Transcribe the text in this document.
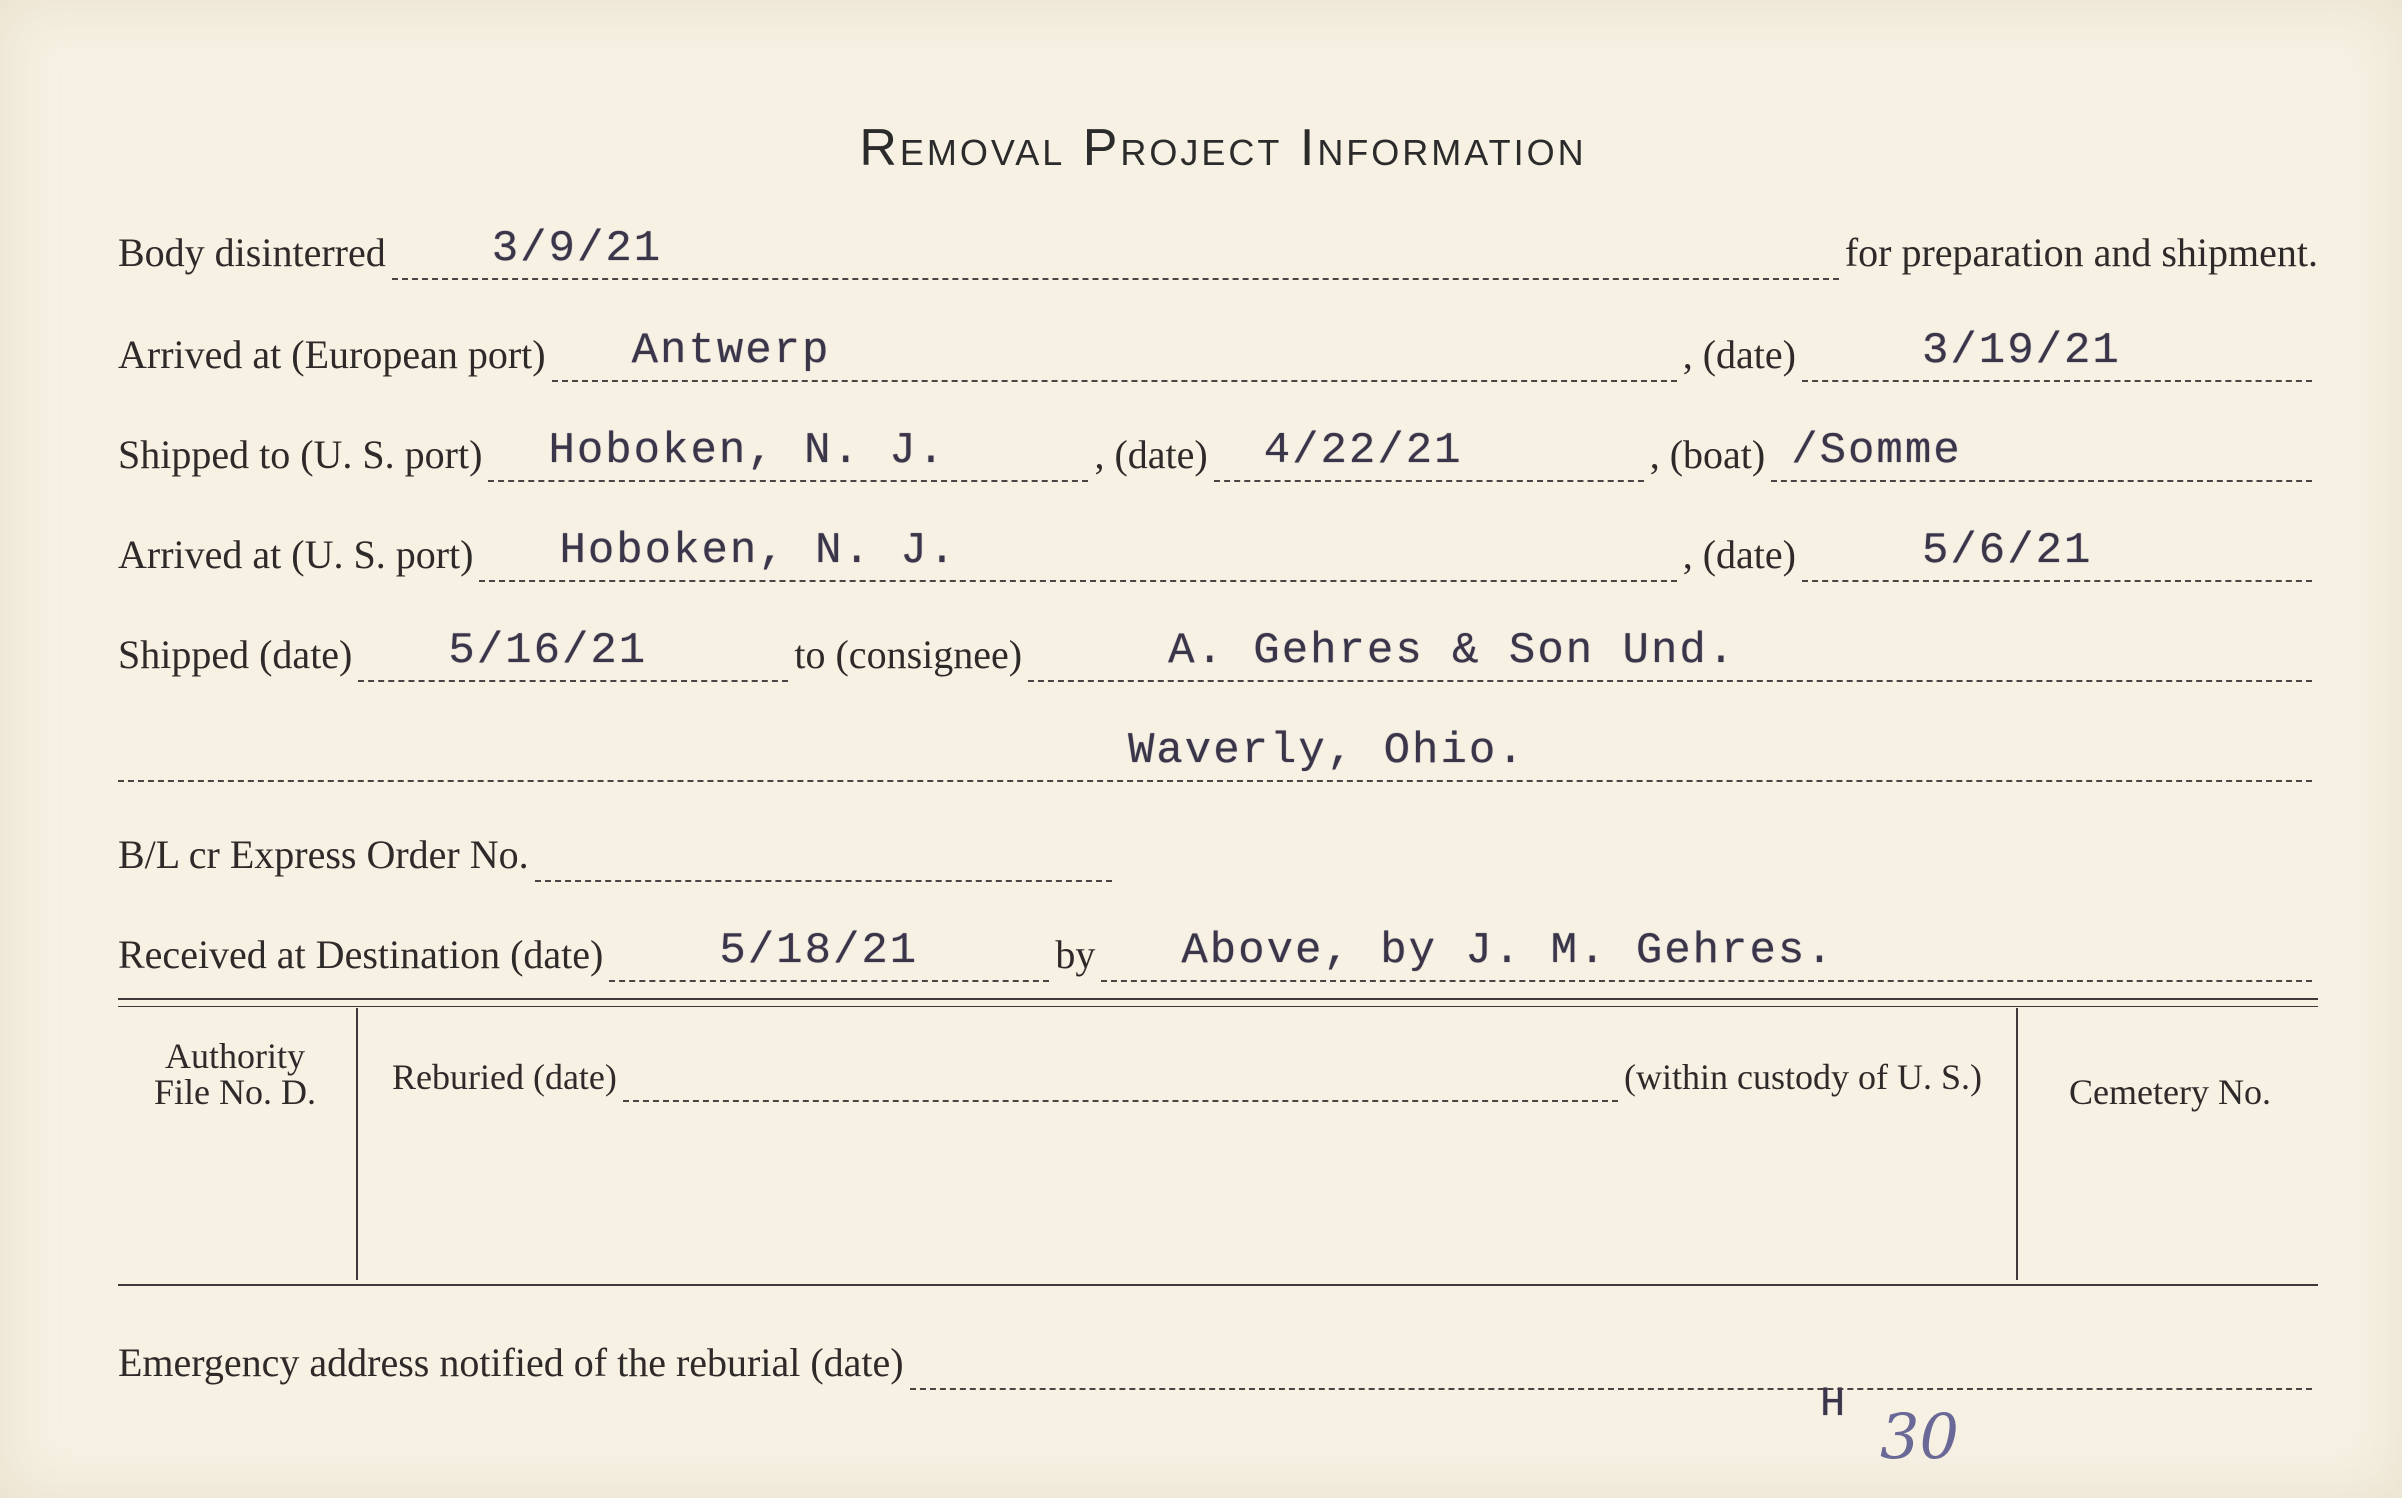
Removal Project Information
Body disinterred 3/9/21	for preparation and shipment.
Arrived at (European port) Antwerp	, (date)	3/19/21
Shipped to (U. S. port) Hoboken, N. J.	, (date) 4/22/21	, (boat) /Somme
Arrived at (U. S. port) Hoboken, N. J.	, (date)	5/6/21
Shipped (date) 5/16/21	to (consignee)	A. Gehres & Son Und.
Waverly, Ohio.
B/L cr Express Order No.
Received at Destination (date)	5/18/21	by Above, by J. M. Gehres.
Authority
File No. D.	Reburied (date)	(within custody of U. S.)	Cemetery No.
Emergency address notified of the reburial (date)
H 30
